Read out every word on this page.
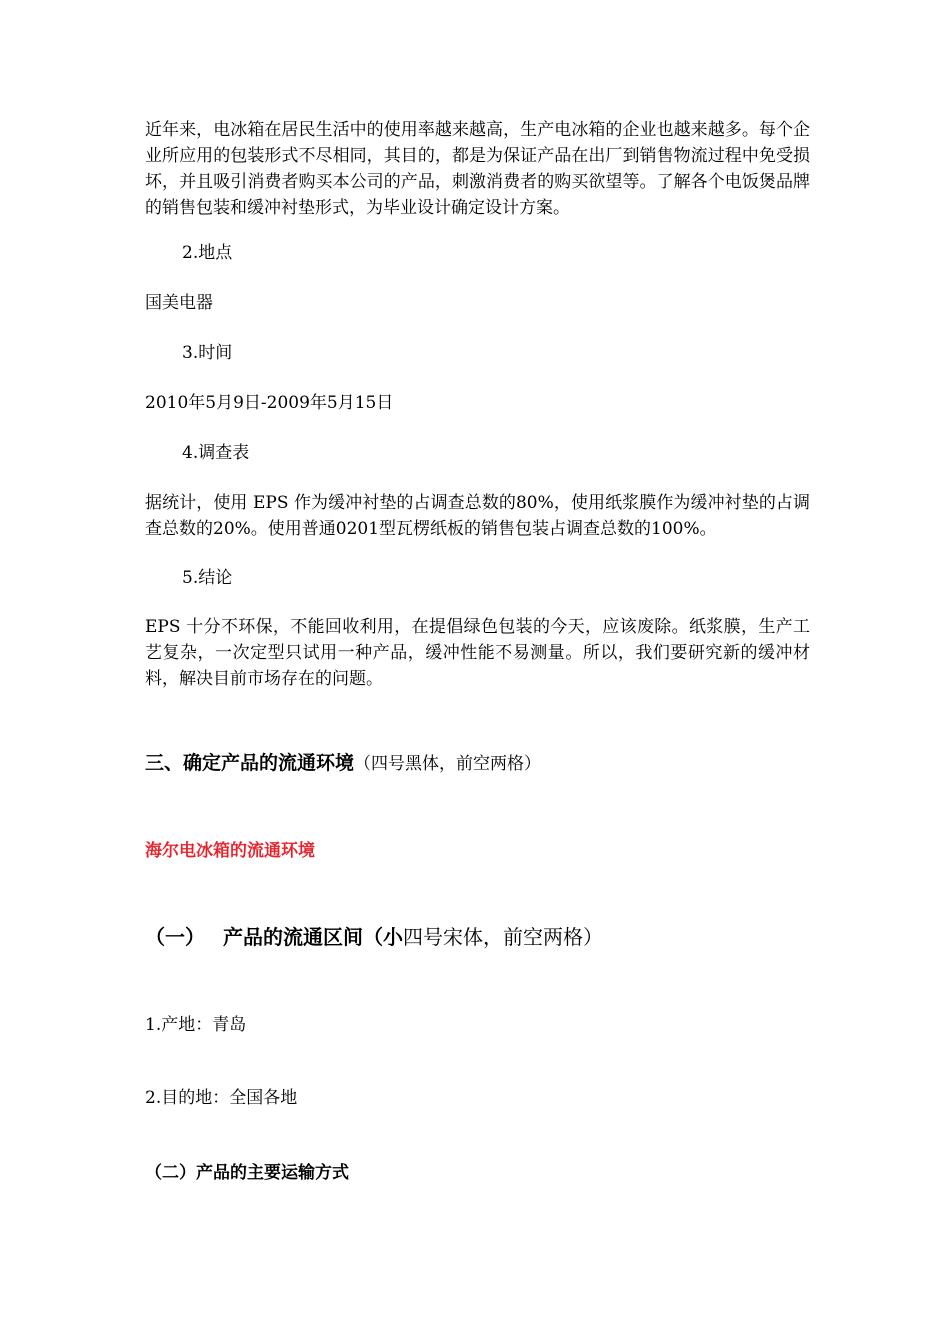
近年来，电冰箱在居民生活中的使用率越来越高，生产电冰箱的企业也越来越多。每个企业所应用的包装形式不尽相同，其目的，都是为保证产品在出厂到销售物流过程中免受损坏，并且吸引消费者购买本公司的产品，刺激消费者的购买欲望等。了解各个电饭煲品牌的销售包装和缓冲衬垫形式，为毕业设计确定设计方案。

2.地点

国美电器

3.时间

2010年5月9日-2009年5月15日

4.调查表

据统计，使用 EPS 作为缓冲衬垫的占调查总数的80%，使用纸浆膜作为缓冲衬垫的占调查总数的20%。使用普通0201型瓦楞纸板的销售包装占调查总数的100%。

5.结论

EPS 十分不环保，不能回收利用，在提倡绿色包装的今天，应该废除。纸浆膜，生产工艺复杂，一次定型只试用一种产品，缓冲性能不易测量。所以，我们要研究新的缓冲材料，解决目前市场存在的问题。

三、确定产品的流通环境（四号黑体，前空两格）

海尔电冰箱的流通环境

（一） 产品的流通区间（小四号宋体，前空两格）

1.产地：青岛

2.目的地：全国各地

（二）产品的主要运输方式
